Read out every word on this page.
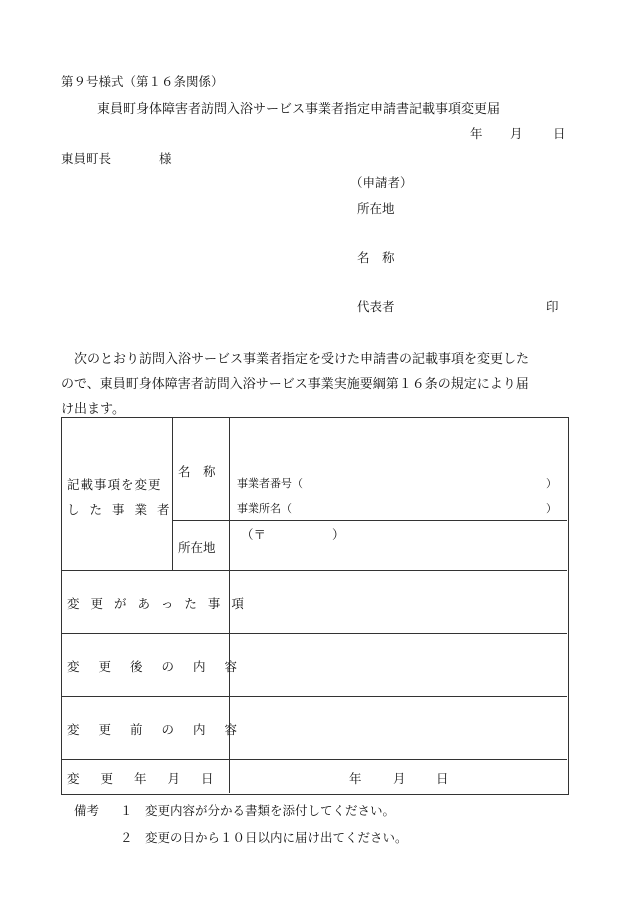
第９号様式（第１６条関係）
東員町身体障害者訪問入浴サービス事業者指定申請書記載事項変更届
年 月 日
東員町長	様
（申請者）
所在地
名　称
代表者	印
　次のとおり訪問入浴サービス事業者指定を受けた申請書の記載事項を変更した
ので、東員町身体障害者訪問入浴サービス事業実施要綱第１６条の規定により届
け出ます。
記載事項を変更
した事業者
名　称
事業者番号（	）
事業所名（	）
所在地
（〒	）
変更があった事項
変更後の内容
変更前の内容
変更年月日	年	月 日
備考 １ 変更内容が分かる書類を添付してください。
２ 変更の日から１０日以内に届け出てください。
